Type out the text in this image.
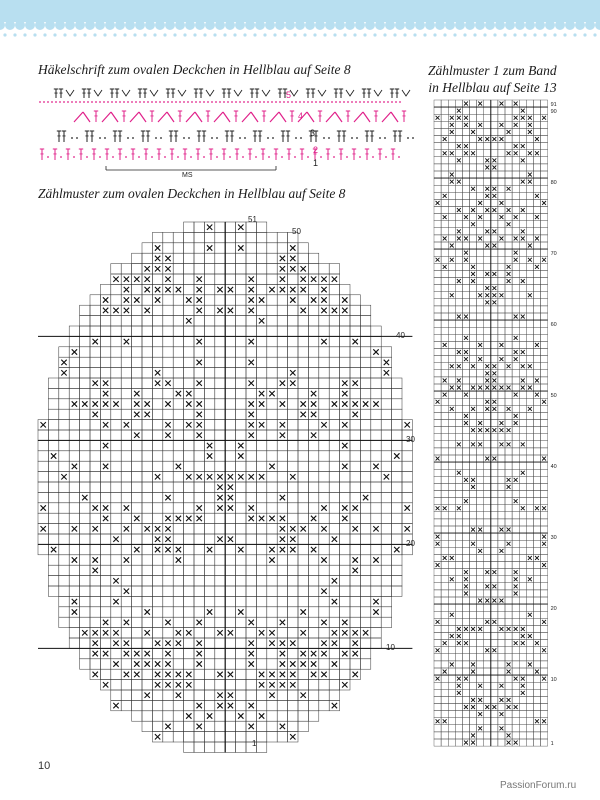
Häkelschrift zum ovalen Deckchen in Hellblau auf Seite 8
Zählmuster zum ovalen Deckchen in Hellblau auf Seite 8
Zählmuster 1 zum Band
in Hellblau auf Seite 13
5
4
3
2
1
MS
51
50
40
30
20
10
1
91
90
80
70
60
50
40
30
20
10
1
10
PassionForum.ru
